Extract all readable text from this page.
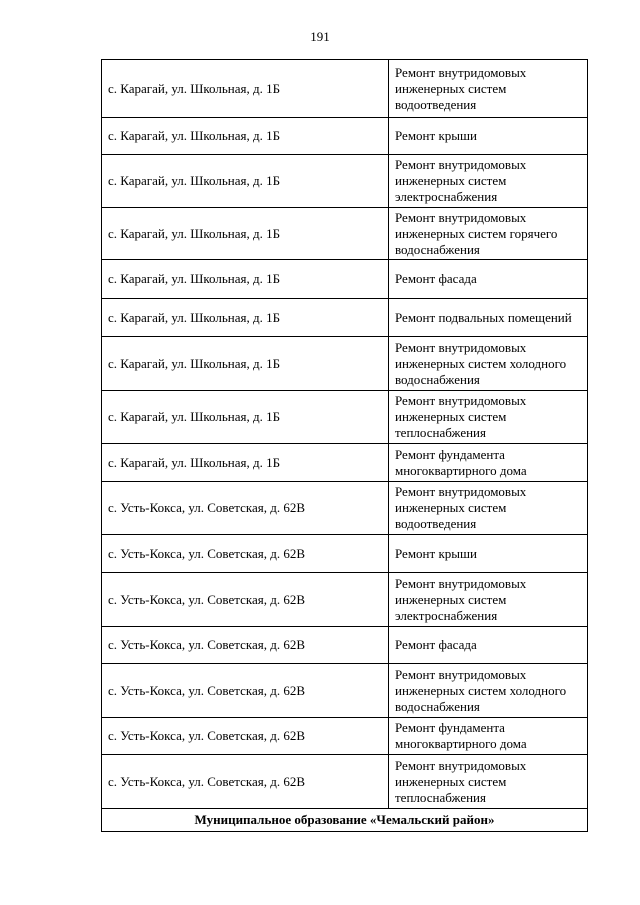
191
с. Карагай, ул. Школьная, д. 1Б	Ремонт внутридомовых инженерных систем водоотведения
с. Карагай, ул. Школьная, д. 1Б	Ремонт крыши
с. Карагай, ул. Школьная, д. 1Б	Ремонт внутридомовых инженерных систем электроснабжения
с. Карагай, ул. Школьная, д. 1Б	Ремонт внутридомовых инженерных систем горячего водоснабжения
с. Карагай, ул. Школьная, д. 1Б	Ремонт фасада
с. Карагай, ул. Школьная, д. 1Б	Ремонт подвальных помещений
с. Карагай, ул. Школьная, д. 1Б	Ремонт внутридомовых инженерных систем холодного водоснабжения
с. Карагай, ул. Школьная, д. 1Б	Ремонт внутридомовых инженерных систем теплоснабжения
с. Карагай, ул. Школьная, д. 1Б	Ремонт фундамента многоквартирного дома
с. Усть-Кокса, ул. Советская, д. 62В	Ремонт внутридомовых инженерных систем водоотведения
с. Усть-Кокса, ул. Советская, д. 62В	Ремонт крыши
с. Усть-Кокса, ул. Советская, д. 62В	Ремонт внутридомовых инженерных систем электроснабжения
с. Усть-Кокса, ул. Советская, д. 62В	Ремонт фасада
с. Усть-Кокса, ул. Советская, д. 62В	Ремонт внутридомовых инженерных систем холодного водоснабжения
с. Усть-Кокса, ул. Советская, д. 62В	Ремонт фундамента многоквартирного дома
с. Усть-Кокса, ул. Советская, д. 62В	Ремонт внутридомовых инженерных систем теплоснабжения
Муниципальное образование «Чемальский район»	
